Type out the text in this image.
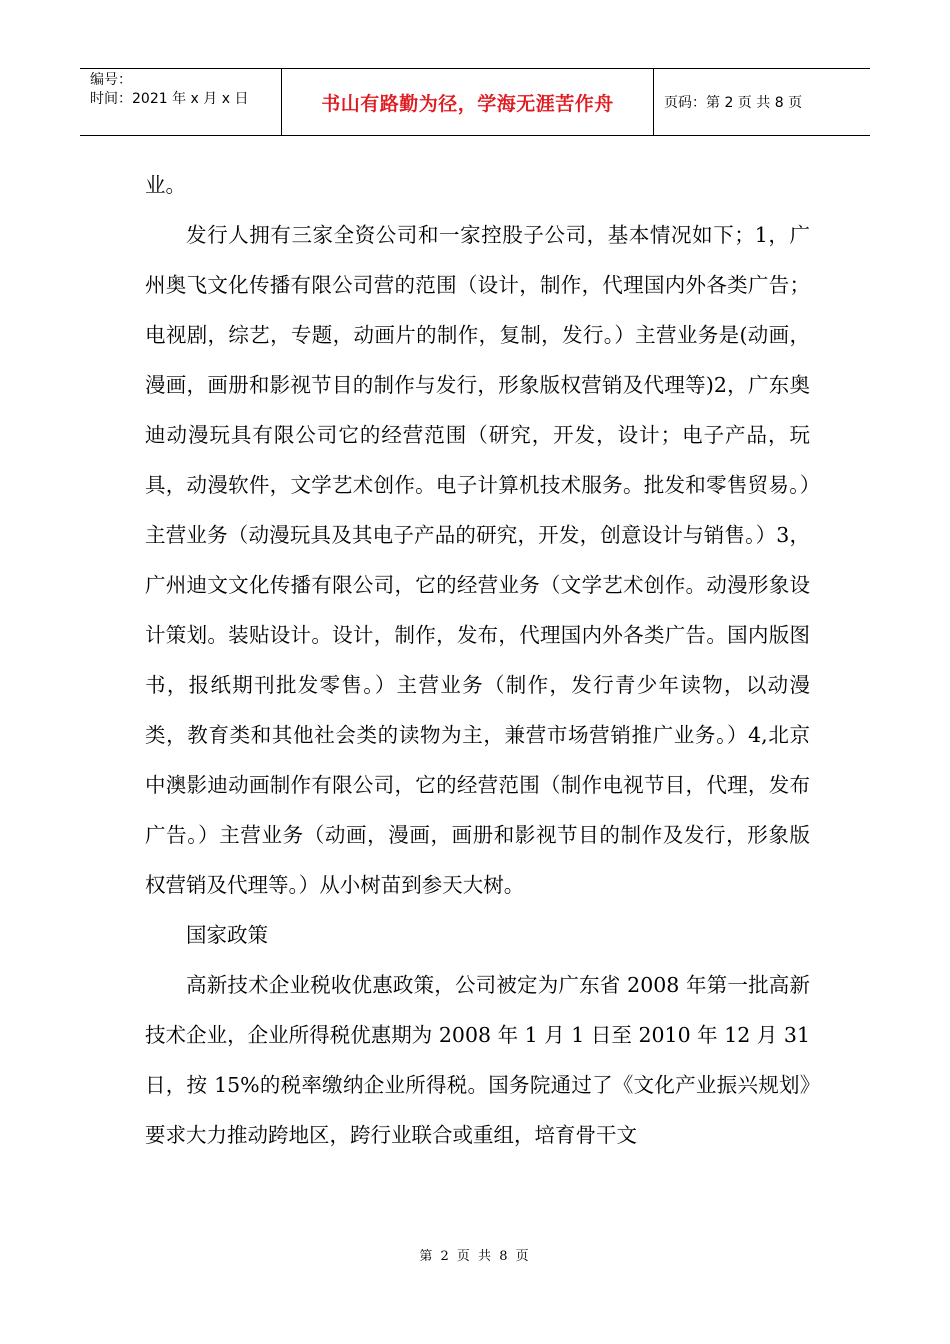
编号：
时间：2021 年 x 月 x 日	书山有路勤为径，学海无涯苦作舟	页码：第 2 页 共 8 页

业。

发行人拥有三家全资公司和一家控股子公司，基本情况如下；1，广州奥飞文化传播有限公司营的范围（设计，制作，代理国内外各类广告；电视剧，综艺，专题，动画片的制作，复制，发行。）主营业务是(动画，漫画，画册和影视节目的制作与发行，形象版权营销及代理等)2，广东奥迪动漫玩具有限公司它的经营范围（研究，开发，设计；电子产品，玩具，动漫软件，文学艺术创作。电子计算机技术服务。批发和零售贸易。）主营业务（动漫玩具及其电子产品的研究，开发，创意设计与销售。）3，广州迪文文化传播有限公司，它的经营业务（文学艺术创作。动漫形象设计策划。装贴设计。设计，制作，发布，代理国内外各类广告。国内版图书，报纸期刊批发零售。）主营业务（制作，发行青少年读物，以动漫类，教育类和其他社会类的读物为主，兼营市场营销推广业务。）4,北京中澳影迪动画制作有限公司，它的经营范围（制作电视节目，代理，发布广告。）主营业务（动画，漫画，画册和影视节目的制作及发行，形象版权营销及代理等。）从小树苗到参天大树。

国家政策

高新技术企业税收优惠政策，公司被定为广东省 2008 年第一批高新技术企业，企业所得税优惠期为 2008 年 1 月 1 日至 2010 年 12 月 31 日，按 15%的税率缴纳企业所得税。国务院通过了《文化产业振兴规划》要求大力推动跨地区，跨行业联合或重组，培育骨干文

第 2 页 共 8 页
